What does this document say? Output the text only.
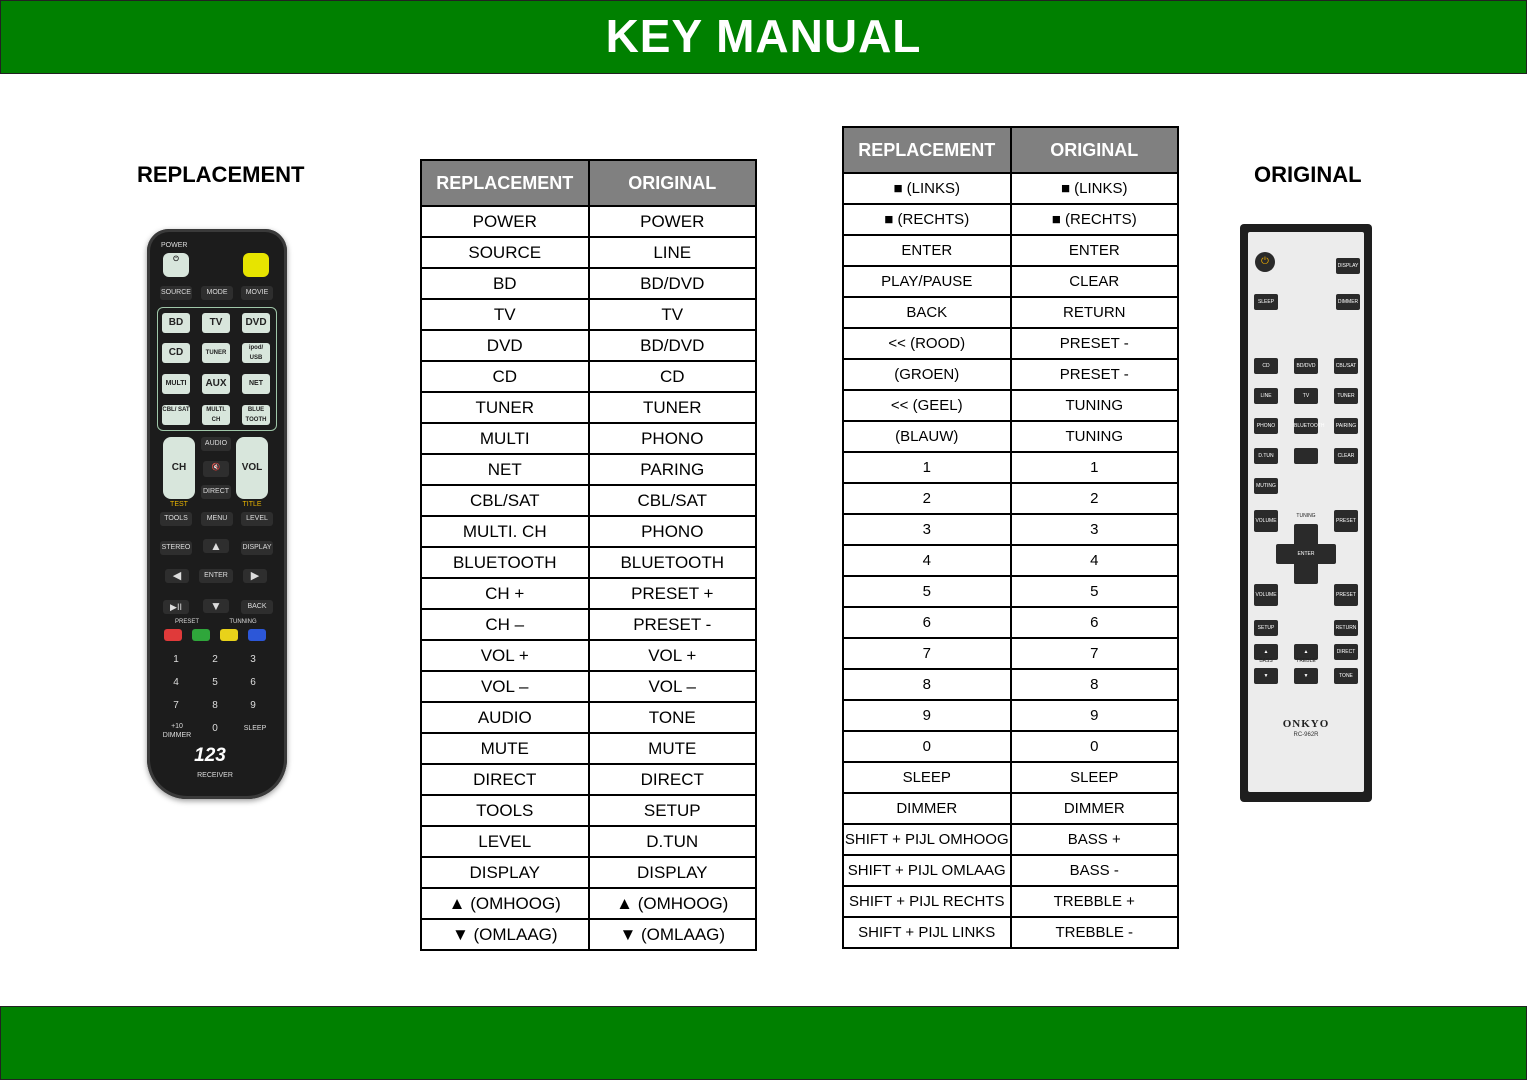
KEY MANUAL
REPLACEMENT	ORIGINAL
POWER
⏻
SOURCE	MODE	MOVIE
BD	TV	DVD
CD	TUNER
ipod/ USB
MULTI	AUX	NET
CBL/ SAT	MULTI. CH
BLUE TOOTH
CH	VOL
AUDIO
🔇
DIRECT
TEST	TITLE
TOOLS	MENU	LEVEL
STEREO	▲	DISPLAY
◀	ENTER	▶
▶II	▼	BACK
PRESET	TUNNING
1	2	3
4	5	6
7	8	9
+10 DIMMER
0	SLEEP
123
RECEIVER
⏻	DISPLAY
SLEEP	DIMMER
CD	BD/DVD	CBL/SAT
LINE	TV	TUNER
PHONO	BLUETOOTH	PAIRING
D.TUN	CLEAR
MUTING
VOLUME	PRESET
TUNING
ENTER
VOLUME	PRESET
SETUP	RETURN
▲	▲	DIRECT
BASS	TREBLE
▼	▼	TONE
ONKYO
RC-962R
REPLACEMENT	ORIGINAL
POWER	POWER
SOURCE	LINE
BD	BD/DVD
TV	TV
DVD	BD/DVD
CD	CD
TUNER	TUNER
MULTI	PHONO
NET	PARING
CBL/SAT	CBL/SAT
MULTI. CH	PHONO
BLUETOOTH	BLUETOOTH
CH +	PRESET +
CH –	PRESET -
VOL +	VOL +
VOL –	VOL –
AUDIO	TONE
MUTE	MUTE
DIRECT	DIRECT
TOOLS	SETUP
LEVEL	D.TUN
DISPLAY	DISPLAY
▲ (OMHOOG)	▲ (OMHOOG)
▼ (OMLAAG)	▼ (OMLAAG)
REPLACEMENT	ORIGINAL
■ (LINKS)	■ (LINKS)
■ (RECHTS)	■ (RECHTS)
ENTER	ENTER
PLAY/PAUSE	CLEAR
BACK	RETURN
<< (ROOD)	PRESET -
(GROEN)	PRESET -
<< (GEEL)	TUNING
(BLAUW)	TUNING
1	1
2	2
3	3
4	4
5	5
6	6
7	7
8	8
9	9
0	0
SLEEP	SLEEP
DIMMER	DIMMER
SHIFT + PIJL OMHOOG	BASS +
SHIFT + PIJL OMLAAG	BASS -
SHIFT + PIJL RECHTS	TREBBLE +
SHIFT + PIJL LINKS	TREBBLE -
